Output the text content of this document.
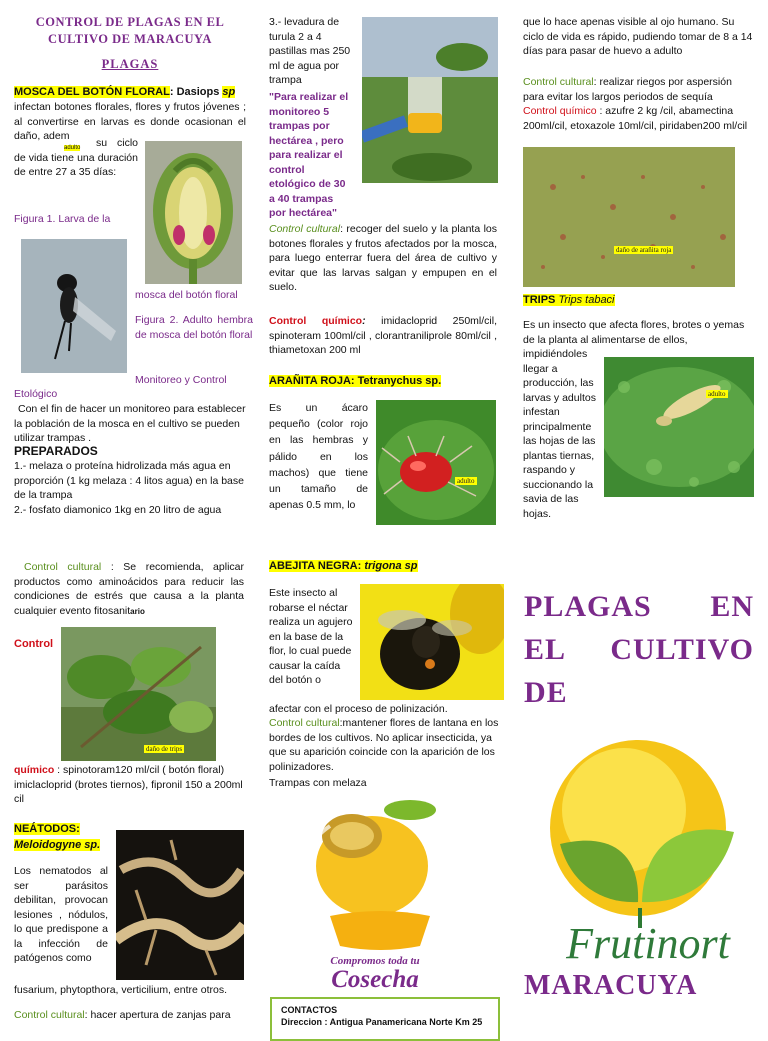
CONTROL DE PLAGAS EN EL
CULTIVO DE MARACUYA
PLAGAS
MOSCA DEL BOTÓN FLORAL: Dasiops sp
infectan botones florales, flores y frutos jóvenes ; al convertirse en larvas es donde ocasionan el daño, adem
adulto	su ciclo de vida tiene una duración de entre 27 a 35 días:
Figura 1. Larva de la
mosca del botón floral
Figura 2. Adulto hembra de mosca del botón floral
Monitoreo y Control
Etológico
Con el fin de hacer un monitoreo para establecer la población de la mosca en el cultivo se pueden utilizar trampas .
PREPARADOS
1.- melaza o proteína hidrolizada más agua en proporción (1 kg melaza : 4 litos agua) en la base de la trampa
2.- fosfato diamonico 1kg en 20 litro de agua
Control cultural : Se recomienda, aplicar productos como aminoácidos para reducir las condiciones de estrés que causa a la planta cualquier evento fitosanitario
Control
daño de trips
químico : spinotoram120 ml/cil ( botón floral) imiclacloprid (brotes tiernos), fipronil 150 a 200ml cil
NEÁTODOS:
Meloidogyne sp.
Los nematodos al ser parásitos debilitan, provocan lesiones , nódulos, lo que predispone a la infección de patógenos como
fusarium, phytopthora, verticilium, entre otros.
Control cultural: hacer apertura de zanjas para
3.- levadura de turula 2 a 4 pastillas mas 250 ml de agua por trampa
"Para realizar el monitoreo 5 trampas por hectárea , pero para realizar el control etológico de 30 a 40 trampas por hectárea"
Control cultural: recoger del suelo y la planta los botones florales y frutos afectados por la mosca, para luego enterrar fuera del área de cultivo y evitar que las larvas salgan y empupen en el suelo.
Control químico: imidacloprid 250ml/cil, spinoteram 100ml/cil , clorantraniliprole 80ml/cil , thiametoxan 200 ml
ARAÑITA ROJA: Tetranychus sp.
Es un ácaro pequeño (color rojo en las hembras y pálido en los machos) que tiene un tamaño de apenas 0.5 mm, lo
adulto
ABEJITA NEGRA: trigona sp
Este insecto al robarse el néctar realiza un agujero en la base de la flor, lo cual puede causar la caída del botón o
afectar con el proceso de polinización.
Control cultural:mantener flores de lantana en los bordes de los cultivos. No aplicar insecticida, ya que su aparición coincide con la aparición de los polinizadores.
Trampas con melaza
Compromos toda tu
Cosecha
CONTACTOS
Direccion : Antigua Panamericana Norte Km 25
que lo hace apenas visible al ojo humano. Su ciclo de vida es rápido, pudiendo tomar de 8 a 14 días para pasar de huevo a adulto
Control cultural: realizar riegos por aspersión para evitar los largos periodos de sequía
Control químico : azufre 2 kg /cil, abamectina 200ml/cil, etoxazole 10ml/cil, piridaben200 ml/cil
daño de arañita roja
TRIPS Trips tabaci
Es un insecto que afecta flores, brotes o yemas de la planta al alimentarse de ellos,
impidiéndoles llegar a producción, las larvas y adultos infestan principalmente las hojas de las plantas tiernas, raspando y succionando la savia de las hojas.
adulto
PLAGAS EN
EL CULTIVO
DE
Frutinort
MARACUYA
